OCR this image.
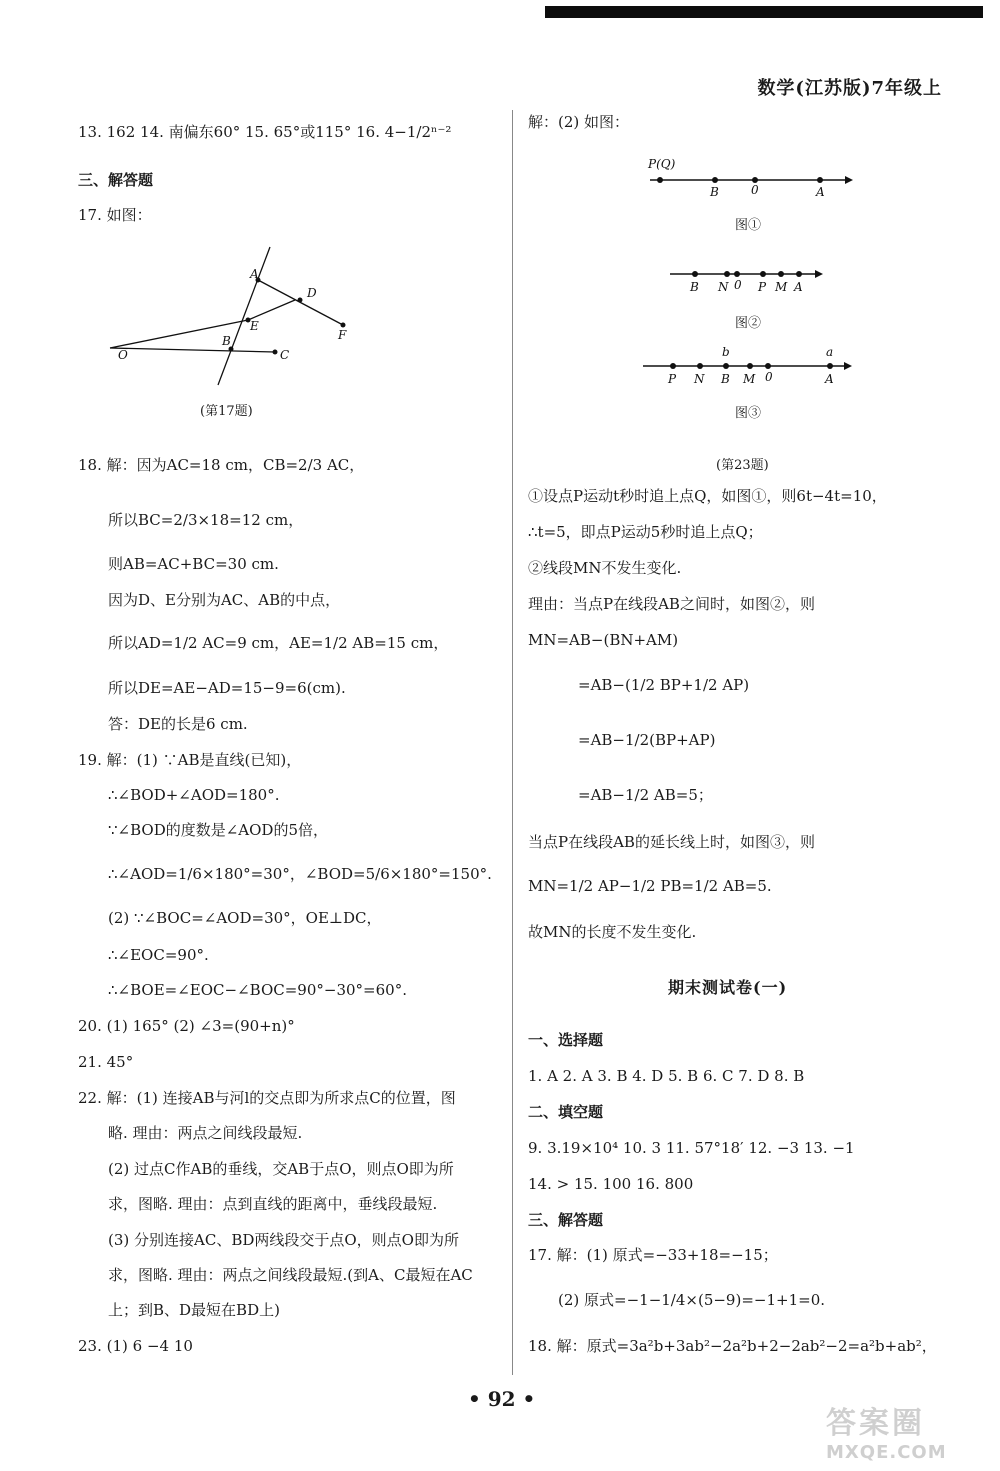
数学(江苏版)7年级上
13. 162 14. 南偏东60° 15. 65°或115° 16. 4−1/2ⁿ⁻²
三、解答题
17. 如图：
A
D
E
B
O	C
F
(第17题)
18. 解：因为AC=18 cm，CB=2/3 AC，
所以BC=2/3×18=12 cm，
则AB=AC+BC=30 cm.
因为D、E分别为AC、AB的中点，
所以AD=1/2 AC=9 cm，AE=1/2 AB=15 cm，
所以DE=AE−AD=15−9=6(cm).
答：DE的长是6 cm.
19. 解：(1) ∵AB是直线(已知)，
∴∠BOD+∠AOD=180°.
∵∠BOD的度数是∠AOD的5倍，
∴∠AOD=1/6×180°=30°，∠BOD=5/6×180°=150°.
(2) ∵∠BOC=∠AOD=30°，OE⊥DC，
∴∠EOC=90°.
∴∠BOE=∠EOC−∠BOC=90°−30°=60°.
20. (1) 165° (2) ∠3=(90+n)°
21. 45°
22. 解：(1) 连接AB与河l的交点即为所求点C的位置，图
略. 理由：两点之间线段最短.
(2) 过点C作AB的垂线，交AB于点O，则点O即为所
求，图略. 理由：点到直线的距离中，垂线段最短.
(3) 分别连接AC、BD两线段交于点O，则点O即为所
求，图略. 理由：两点之间线段最短.(到A、C最短在AC
上；到B、D最短在BD上)
23. (1) 6 −4 10
解：(2) 如图：
P(Q)
B	0	A
图①
B N 0 P M A
图②
b	a
P N B M 0	A
图③
(第23题)
①设点P运动t秒时追上点Q，如图①，则6t−4t=10，
∴t=5，即点P运动5秒时追上点Q；
②线段MN不发生变化.
理由：当点P在线段AB之间时，如图②，则
MN=AB−(BN+AM)
=AB−(1/2 BP+1/2 AP)
=AB−1/2(BP+AP)
=AB−1/2 AB=5；
当点P在线段AB的延长线上时，如图③，则
MN=1/2 AP−1/2 PB=1/2 AB=5.
故MN的长度不发生变化.
期末测试卷(一)
一、选择题
1. A 2. A 3. B 4. D 5. B 6. C 7. D 8. B
二、填空题
9. 3.19×10⁴ 10. 3 11. 57°18′ 12. −3 13. −1
14. > 15. 100 16. 800
三、解答题
17. 解：(1) 原式=−33+18=−15；
(2) 原式=−1−1/4×(5−9)=−1+1=0.
18. 解：原式=3a²b+3ab²−2a²b+2−2ab²−2=a²b+ab²，
• 92 •
答案圈
MXQE.COM
